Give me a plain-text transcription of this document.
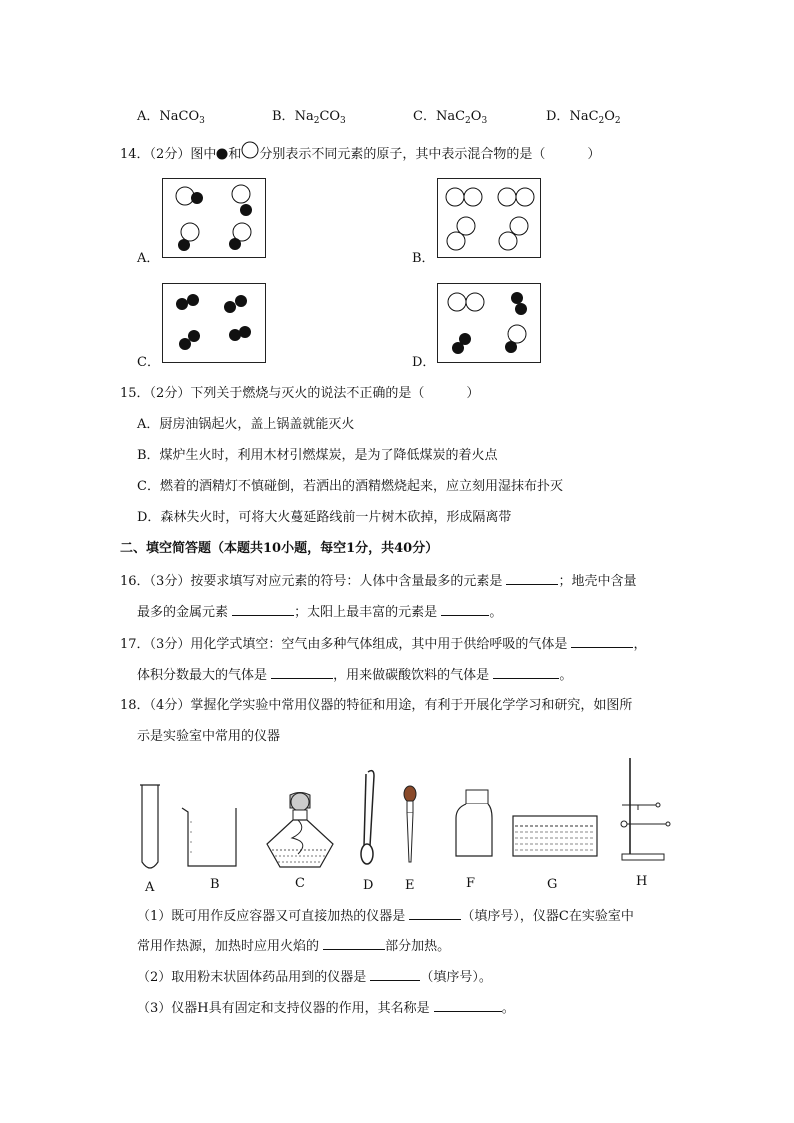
A．NaCO$_3$	B．$Na_2CO_3$	C．$NaC_2O_3$	D．$NaC_2O_2$
14．（2分）图中 和 分别表示不同元素的原子，其中表示混合物的是（	）
A．	B．
C．	D．
15．（2分）下列关于燃烧与灭火的说法不正确的是（	）
A．厨房油锅起火，盖上锅盖就能灭火
B．煤炉生火时，利用木材引燃煤炭，是为了降低煤炭的着火点
C．燃着的酒精灯不慎碰倒，若洒出的酒精燃烧起来，应立刻用湿抹布扑灭
D．森林失火时，可将大火蔓延路线前一片树木砍掉，形成隔离带
二、填空简答题（本题共10小题，每空1分，共40分）
16．（3分）按要求填写对应元素的符号：人体中含量最多的元素是	；地壳中含量
最多的金属元素	；太阳上最丰富的元素是	。
17．（3分）用化学式填空：空气由多种气体组成，其中用于供给呼吸的气体是	，
体积分数最大的气体是	，用来做碳酸饮料的气体是	。
18．（4分）掌握化学实验中常用仪器的特征和用途，有利于开展化学学习和研究，如图所
示是实验室中常用的仪器
A	B	C	D E	F	G	H
（1）既可用作反应容器又可直接加热的仪器是	（填序号），仪器C在实验室中
常用作热源，加热时应用火焰的	部分加热。
（2）取用粉末状固体药品用到的仪器是	（填序号）。
（3）仪器H具有固定和支持仪器的作用，其名称是	。
